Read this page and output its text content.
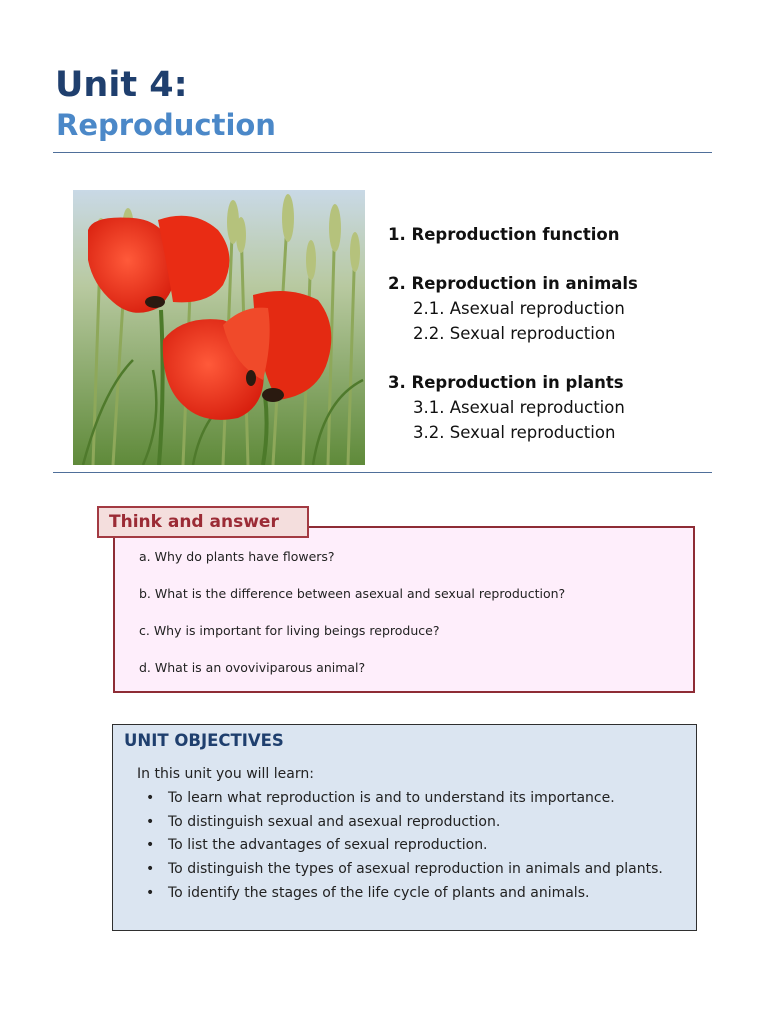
Unit 4:
Reproduction
1. Reproduction function
2. Reproduction in animals
2.1. Asexual reproduction
2.2. Sexual reproduction
3. Reproduction in plants
3.1. Asexual reproduction
3.2. Sexual reproduction
Think and answer
a. Why do plants have flowers?
b. What is the difference between asexual and sexual reproduction?
c. Why is important for living beings reproduce?
d. What is an ovoviviparous animal?
UNIT OBJECTIVES
In this unit you will learn:
• To learn what reproduction is and to understand its importance.
• To distinguish sexual and asexual reproduction.
• To list the advantages of sexual reproduction.
• To distinguish the types of asexual reproduction in animals and plants.
• To identify the stages of the life cycle of plants and animals.
